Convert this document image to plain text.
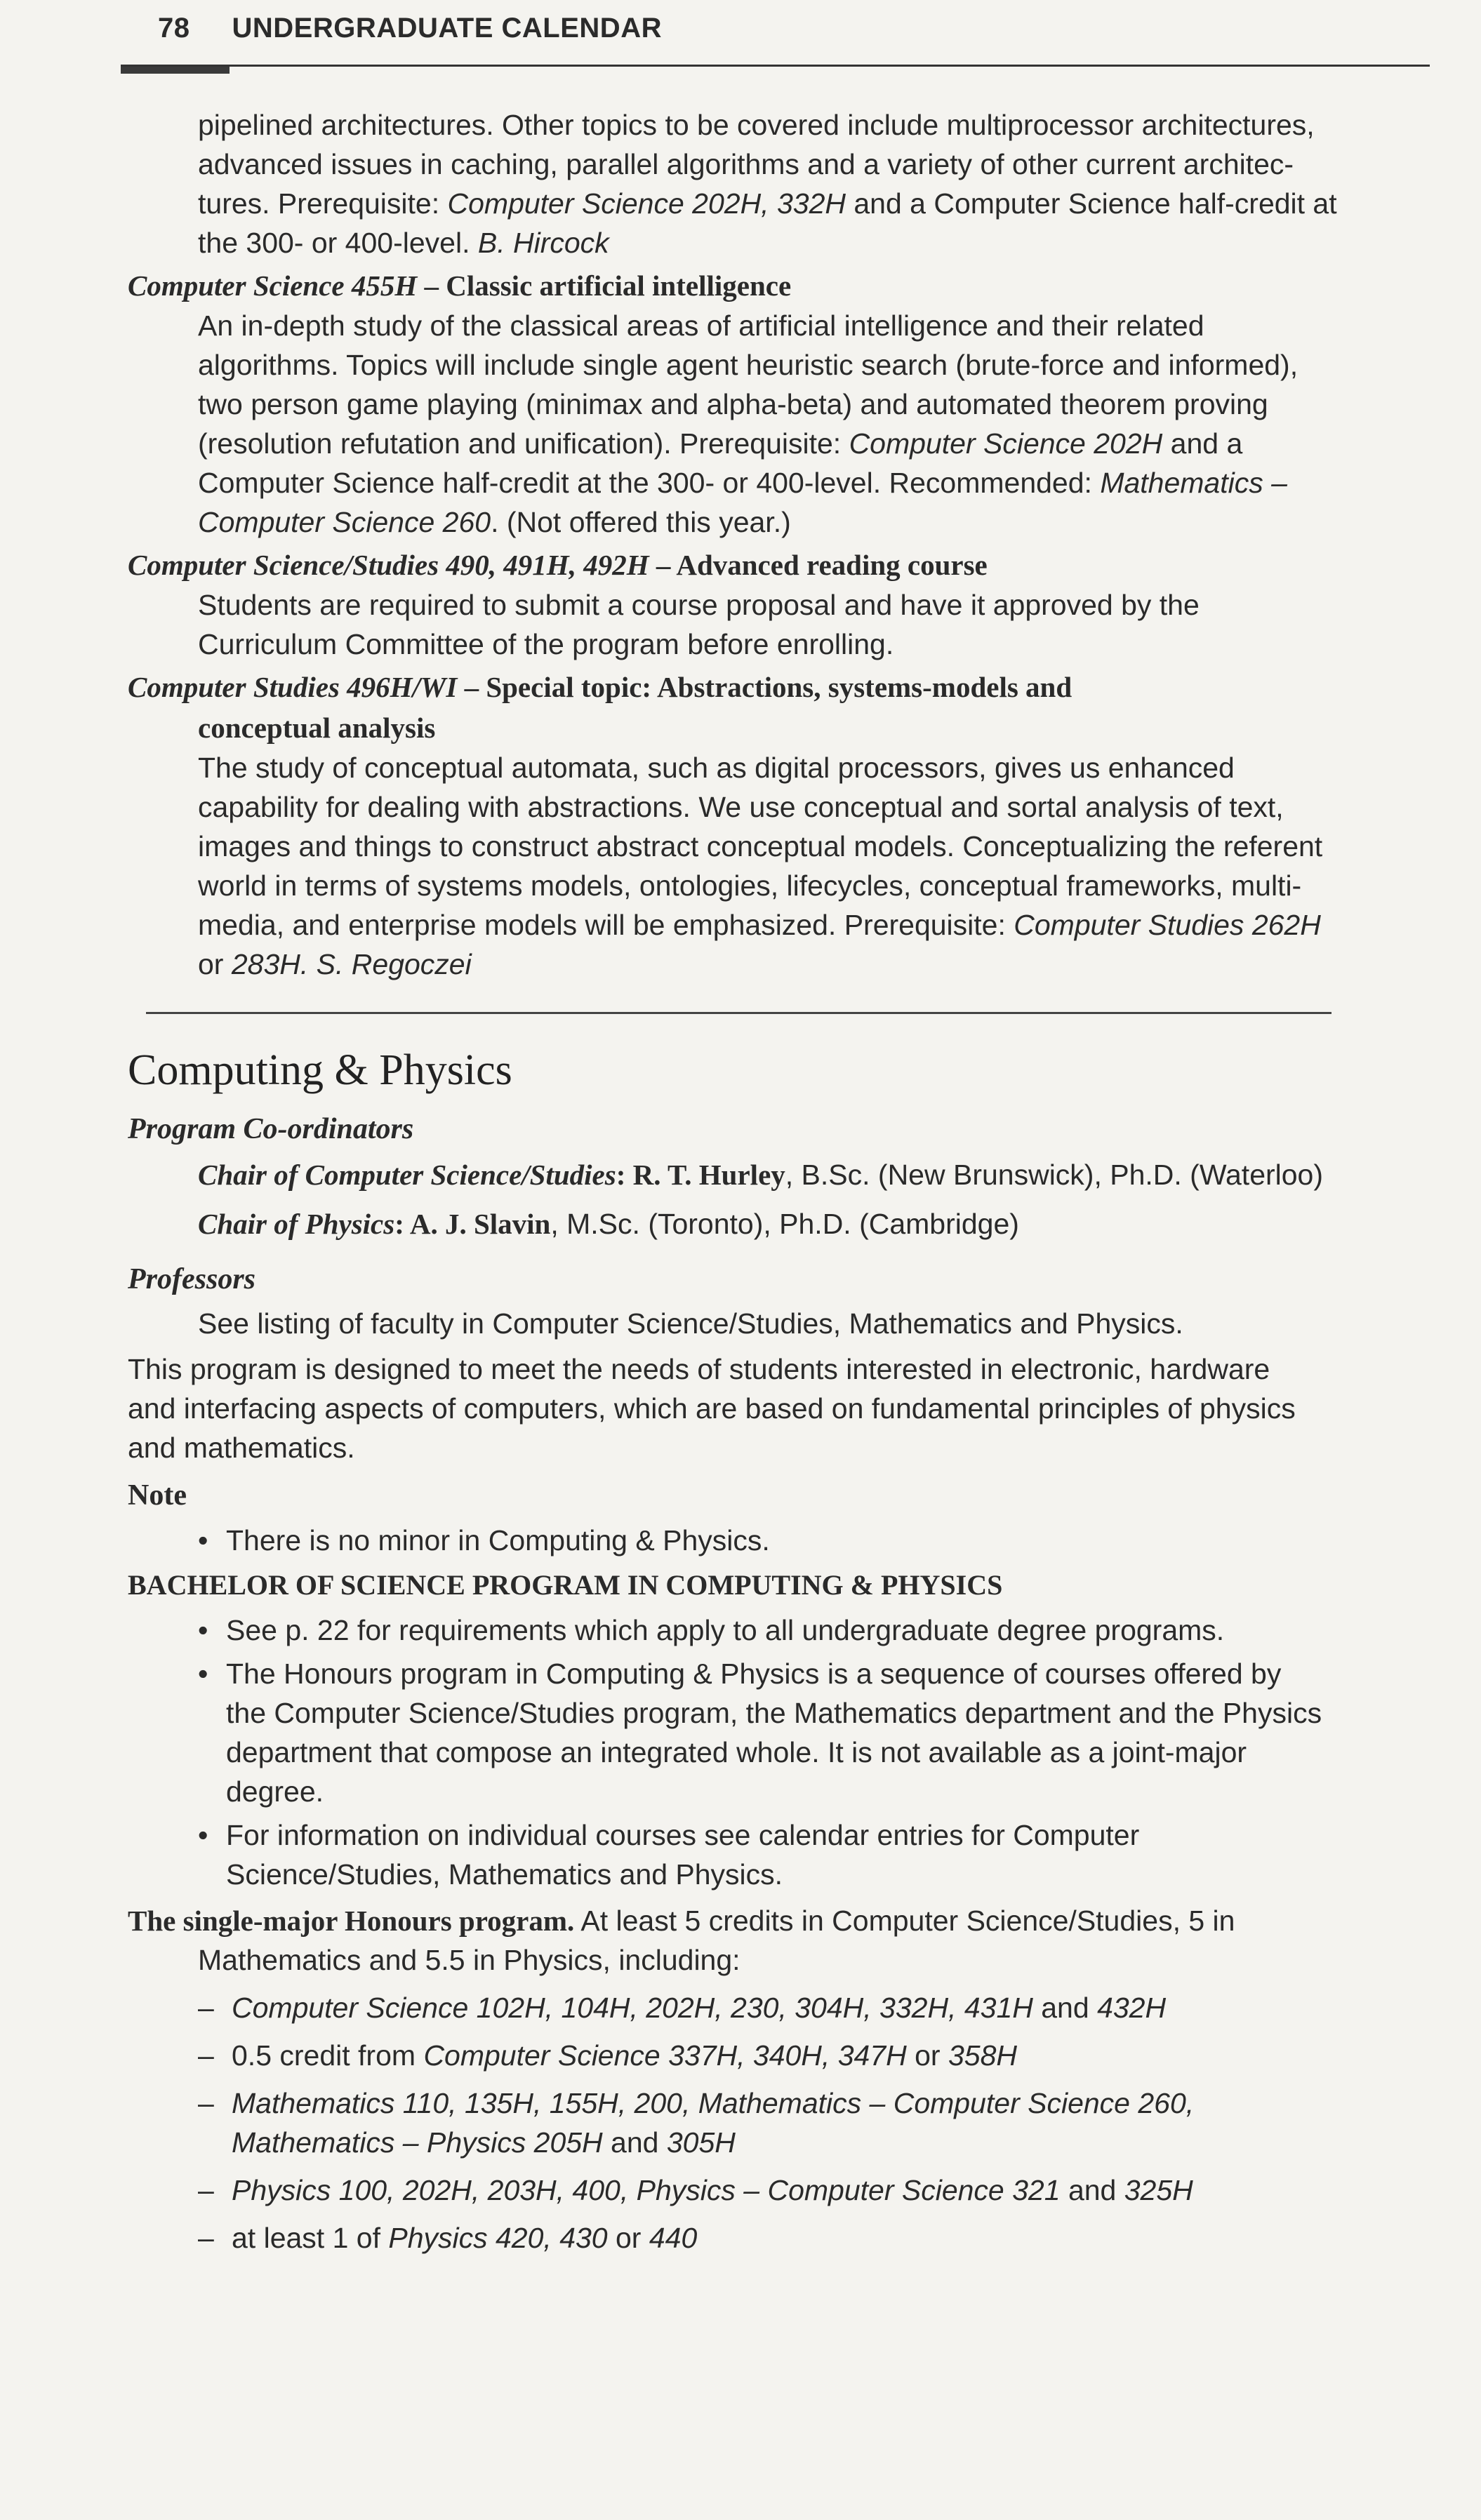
78 UNDERGRADUATE CALENDAR

pipelined architectures. Other topics to be covered include multiprocessor architectures,

advanced issues in caching, parallel algorithms and a variety of other current architec-

tures. Prerequisite: Computer Science 202H, 332H and a Computer Science half-credit at

the 300- or 400-level. B. Hircock

Computer Science 455H – Classic artificial intelligence

An in-depth study of the classical areas of artificial intelligence and their related

algorithms. Topics will include single agent heuristic search (brute-force and informed),

two person game playing (minimax and alpha-beta) and automated theorem proving

(resolution refutation and unification). Prerequisite: Computer Science 202H and a

Computer Science half-credit at the 300- or 400-level. Recommended: Mathematics –

Computer Science 260. (Not offered this year.)

Computer Science/Studies 490, 491H, 492H – Advanced reading course

Students are required to submit a course proposal and have it approved by the

Curriculum Committee of the program before enrolling.

Computer Studies 496H/WI – Special topic: Abstractions, systems-models and
conceptual analysis

The study of conceptual automata, such as digital processors, gives us enhanced

capability for dealing with abstractions. We use conceptual and sortal analysis of text,

images and things to construct abstract conceptual models. Conceptualizing the referent

world in terms of systems models, ontologies, lifecycles, conceptual frameworks, multi-

media, and enterprise models will be emphasized. Prerequisite: Computer Studies 262H

or 283H. S. Regoczei

Computing & Physics
Program Co-ordinators
Chair of Computer Science/Studies: R. T. Hurley, B.Sc. (New Brunswick), Ph.D. (Waterloo)
Chair of Physics: A. J. Slavin, M.Sc. (Toronto), Ph.D. (Cambridge)
Professors
See listing of faculty in Computer Science/Studies, Mathematics and Physics.

This program is designed to meet the needs of students interested in electronic, hardware

and interfacing aspects of computers, which are based on fundamental principles of physics

and mathematics.

Note
• There is no minor in Computing & Physics.
BACHELOR OF SCIENCE PROGRAM IN COMPUTING & PHYSICS
• See p. 22 for requirements which apply to all undergraduate degree programs.
• The Honours program in Computing & Physics is a sequence of courses offered by
the Computer Science/Studies program, the Mathematics department and the Physics
department that compose an integrated whole. It is not available as a joint-major
degree.
• For information on individual courses see calendar entries for Computer
Science/Studies, Mathematics and Physics.
The single-major Honours program. At least 5 credits in Computer Science/Studies, 5 in
Mathematics and 5.5 in Physics, including:
– Computer Science 102H, 104H, 202H, 230, 304H, 332H, 431H and 432H
– 0.5 credit from Computer Science 337H, 340H, 347H or 358H
– Mathematics 110, 135H, 155H, 200, Mathematics – Computer Science 260,
Mathematics – Physics 205H and 305H
– Physics 100, 202H, 203H, 400, Physics – Computer Science 321 and 325H
– at least 1 of Physics 420, 430 or 440
